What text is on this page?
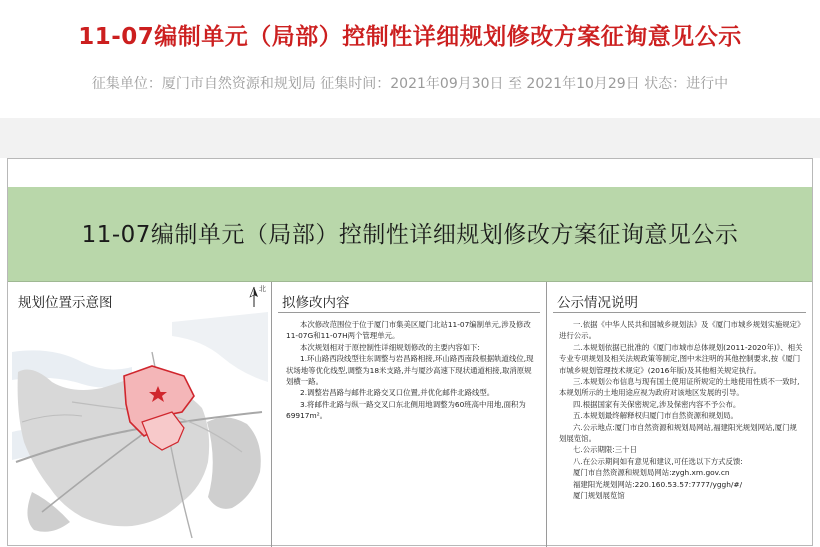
11-07编制单元（局部）控制性详细规划修改方案征询意见公示
征集单位：厦门市自然资源和规划局 征集时间：2021年09月30日 至 2021年10月29日 状态：进行中
11-07编制单元（局部）控制性详细规划修改方案征询意见公示
规划位置示意图
北
拟修改内容

本次修改范围位于位于厦门市集美区厦门北站11-07编制单元,涉及修改11-07G和11-07H两个管理单元。

本次规划相对于原控制性详细规划修改的主要内容如下:

1.环山路西段线型往东调整与岩昌路相接,环山路西南段根据轨道线位,现状场地等优化线型,调整为18米支路,并与厦沙高速下现状通道相接,取消原规划横一路。

2.调整岩昌路与邮件北路交叉口位置,并优化邮件北路线型。

3.将邮件北路与纵一路交叉口东北侧用地调整为60班高中用地,面积为69917m²。

公示情况说明

一.依据《中华人民共和国城乡规划法》及《厦门市城乡规划实施规定》进行公示。

二.本规划依据已批准的《厦门市城市总体规划(2011-2020年)》、相关专业专项规划及相关法规政策等制定,图中未注明的其他控制要求,按《厦门市城乡规划管理技术规定》(2016年版)及其他相关规定执行。

三.本规划公布信息与现有国土使用证所规定的土地使用性质不一致时,本规划所示的土地用途应视为政府对该地区发展的引导。

四.根据国家有关保密规定,涉及保密内容不予公布。

五.本规划最终解释权归厦门市自然资源和规划局。

六.公示地点:厦门市自然资源和规划局网站,福建阳光规划网站,厦门规划展览馆。

七.公示期限:三十日

八.在公示期间如有意见和建议,可任选以下方式反馈:

厦门市自然资源和规划局网站:zygh.xm.gov.cn

福建阳光规划网站:220.160.53.57:7777/yggh/#/

厦门规划展览馆
